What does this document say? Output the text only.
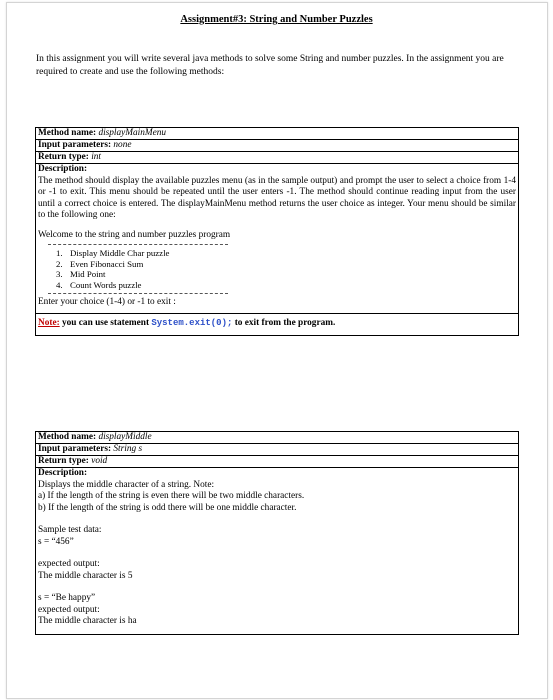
Assignment#3: String and Number Puzzles
In this assignment you will write several java methods to solve some String and number puzzles. In the assignment you are required to create and use the following methods:
Method name: displayMainMenu
Input parameters: none
Return type: int
Description:
The method should display the available puzzles menu (as in the sample output) and prompt the user to select a choice from 1-4 or -1 to exit. This menu should be repeated until the user enters -1. The method should continue reading input from the user until a correct choice is entered. The displayMainMenu method returns the user choice as integer. Your menu should be similar to the following one:
Welcome to the string and number puzzles program
1. Display Middle Char puzzle
2. Even Fibonacci Sum
3. Mid Point
4. Count Words puzzle
Enter your choice (1-4) or -1 to exit :
Note: you can use statement System.exit(0); to exit from the program.
Method name: displayMiddle
Input parameters: String s
Return type: void
Description:
Displays the middle character of a string. Note:
a) If the length of the string is even there will be two middle characters.
b) If the length of the string is odd there will be one middle character.
Sample test data:
s = “456”
expected output:
The middle character is 5
s = “Be happy”
expected output:
The middle character is ha
